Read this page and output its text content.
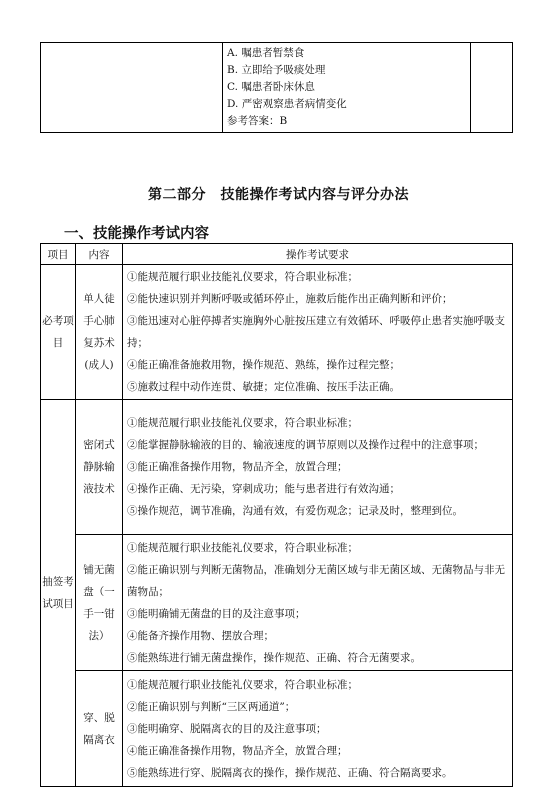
A. 嘱患者暂禁食
B. 立即给予吸痰处理
C. 嘱患者卧床休息
D. 严密观察患者病情变化
参考答案：B

第二部分　技能操作考试内容与评分办法
一、技能操作考试内容
项目	内容	操作考试要求
必考项目	单人徒手心肺复苏术(成人)	①能规范履行职业技能礼仪要求，符合职业标准；
②能快速识别并判断呼吸或循环停止，施救后能作出正确判断和评价；
③能迅速对心脏停搏者实施胸外心脏按压建立有效循环、呼吸停止患者实施呼吸支持；
④能正确准备施救用物，操作规范、熟练，操作过程完整；
⑤施救过程中动作连贯、敏捷；定位准确、按压手法正确。

抽签考试项目	密闭式静脉输液技术	①能规范履行职业技能礼仪要求，符合职业标准；
②能掌握静脉输液的目的、输液速度的调节原则以及操作过程中的注意事项；
③能正确准备操作用物，物品齐全，放置合理；
④操作正确、无污染，穿刺成功；能与患者进行有效沟通；
⑤操作规范，调节准确，沟通有效，有爱伤观念；记录及时，整理到位。

	铺无菌盘（一手一钳法）	①能规范履行职业技能礼仪要求，符合职业标准；
②能正确识别与判断无菌物品，准确划分无菌区域与非无菌区域、无菌物品与非无菌物品；
③能明确铺无菌盘的目的及注意事项；
④能备齐操作用物、摆放合理；
⑤能熟练进行铺无菌盘操作，操作规范、正确、符合无菌要求。

	穿、脱隔离衣	①能规范履行职业技能礼仪要求，符合职业标准；
②能正确识别与判断“三区两通道”；
③能明确穿、脱隔离衣的目的及注意事项；
④能正确准备操作用物，物品齐全，放置合理；
⑤能熟练进行穿、脱隔离衣的操作，操作规范、正确、符合隔离要求。
